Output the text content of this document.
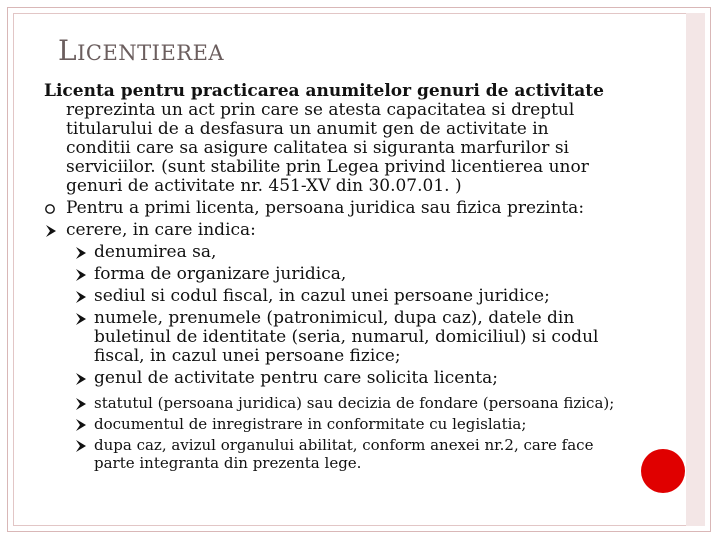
LICENTIEREA
Licenta pentru practicarea anumitelor genuri de activitate
reprezinta un act prin care se atesta capacitatea si dreptul
titularului de a desfasura un anumit gen de activitate in
conditii care sa asigure calitatea si siguranta marfurilor si
serviciilor. (sunt stabilite prin Legea privind licentierea unor
genuri de activitate nr. 451-XV din 30.07.01. )
Pentru a primi licenta, persoana juridica sau fizica prezinta:
cerere, in care indica:
denumirea sa,
forma de organizare juridica,
sediul si codul fiscal, in cazul unei persoane juridice;
numele, prenumele (patronimicul, dupa caz), datele din
buletinul de identitate (seria, numarul, domiciliul) si codul
fiscal, in cazul unei persoane fizice;
genul de activitate pentru care solicita licenta;
statutul (persoana juridica) sau decizia de fondare (persoana fizica);
documentul de inregistrare in conformitate cu legislatia;
dupa caz, avizul organului abilitat, conform anexei nr.2, care face
parte integranta din prezenta lege.
